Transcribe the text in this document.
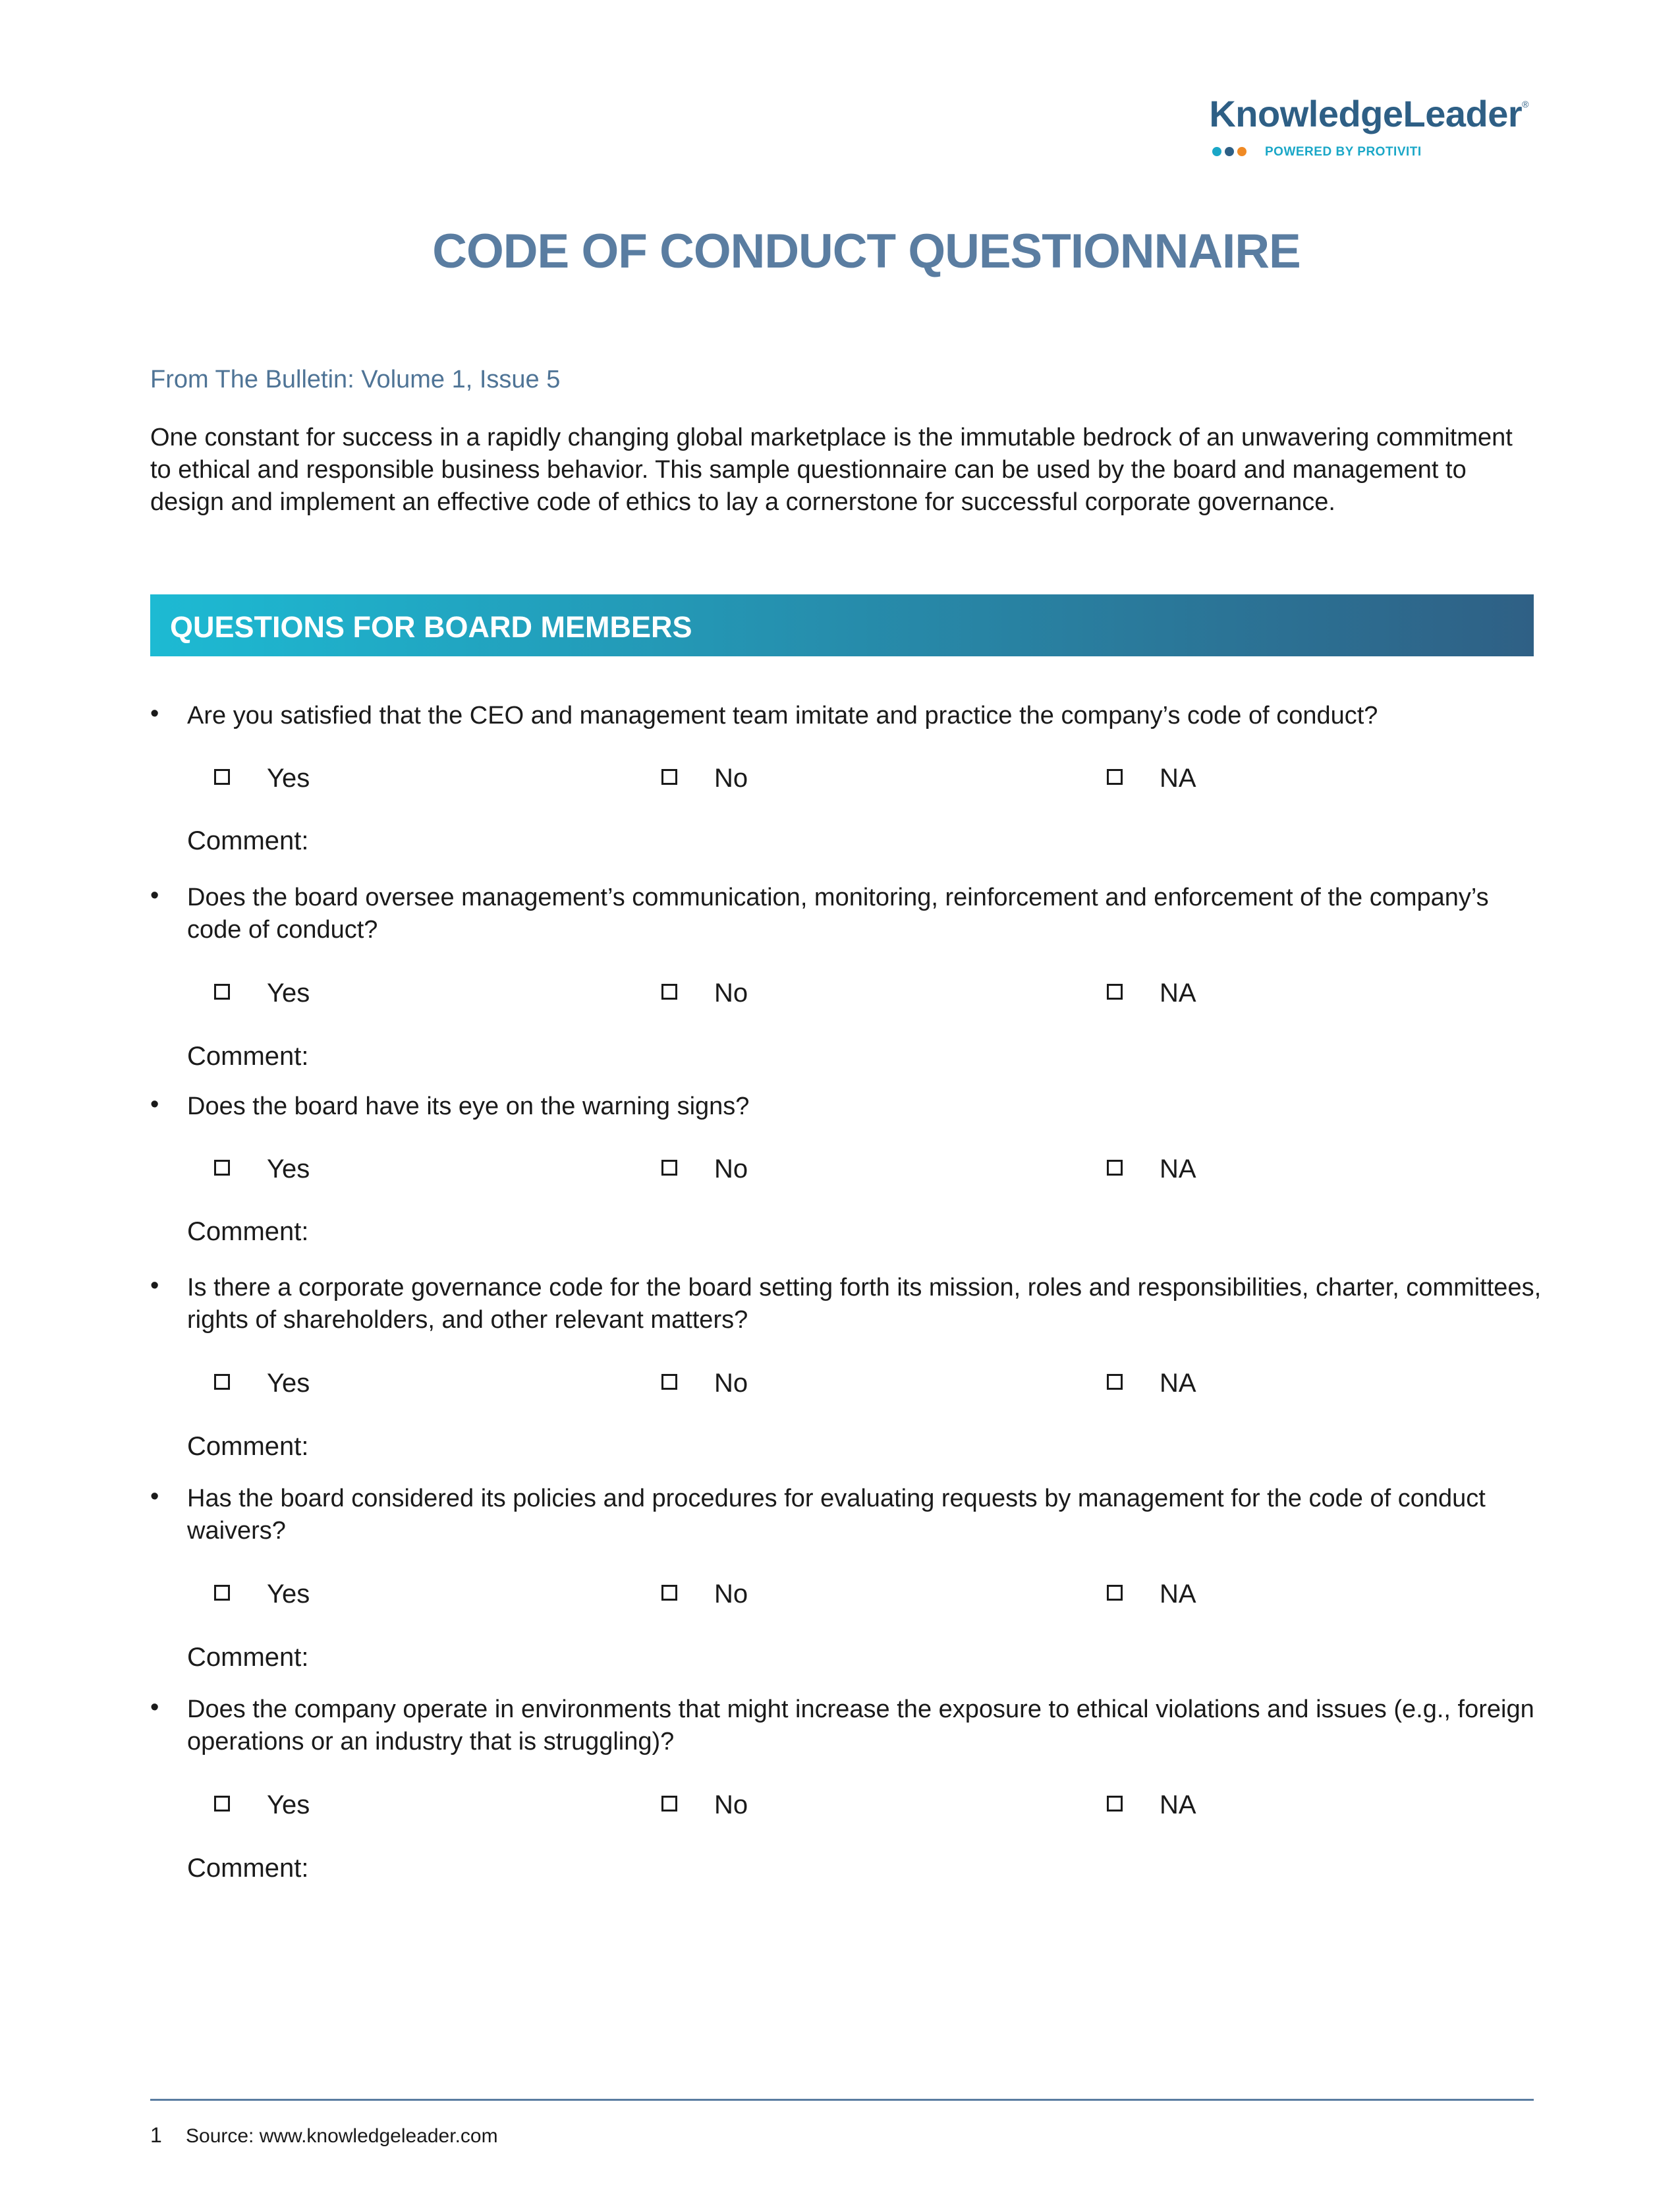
KnowledgeLeader®
POWERED BY PROTIVITI
CODE OF CONDUCT QUESTIONNAIRE
From The Bulletin: Volume 1, Issue 5
One constant for success in a rapidly changing global marketplace is the immutable bedrock of an unwavering commitment to ethical and responsible business behavior. This sample questionnaire can be used by the board and management to design and implement an effective code of ethics to lay a cornerstone for successful corporate governance.
QUESTIONS FOR BOARD MEMBERS
• Are you satisfied that the CEO and management team imitate and practice the company’s code of conduct?
Yes	No	NA
Comment:
• Does the board oversee management’s communication, monitoring, reinforcement and enforcement of the company’s code of conduct?
Yes	No	NA
Comment:
• Does the board have its eye on the warning signs?
Yes	No	NA
Comment:
• Is there a corporate governance code for the board setting forth its mission, roles and responsibilities, charter, committees, rights of shareholders, and other relevant matters?
Yes	No	NA
Comment:
• Has the board considered its policies and procedures for evaluating requests by management for the code of conduct waivers?
Yes	No	NA
Comment:
• Does the company operate in environments that might increase the exposure to ethical violations and issues (e.g., foreign operations or an industry that is struggling)?
Yes	No	NA
Comment:
1 Source: www.knowledgeleader.com
